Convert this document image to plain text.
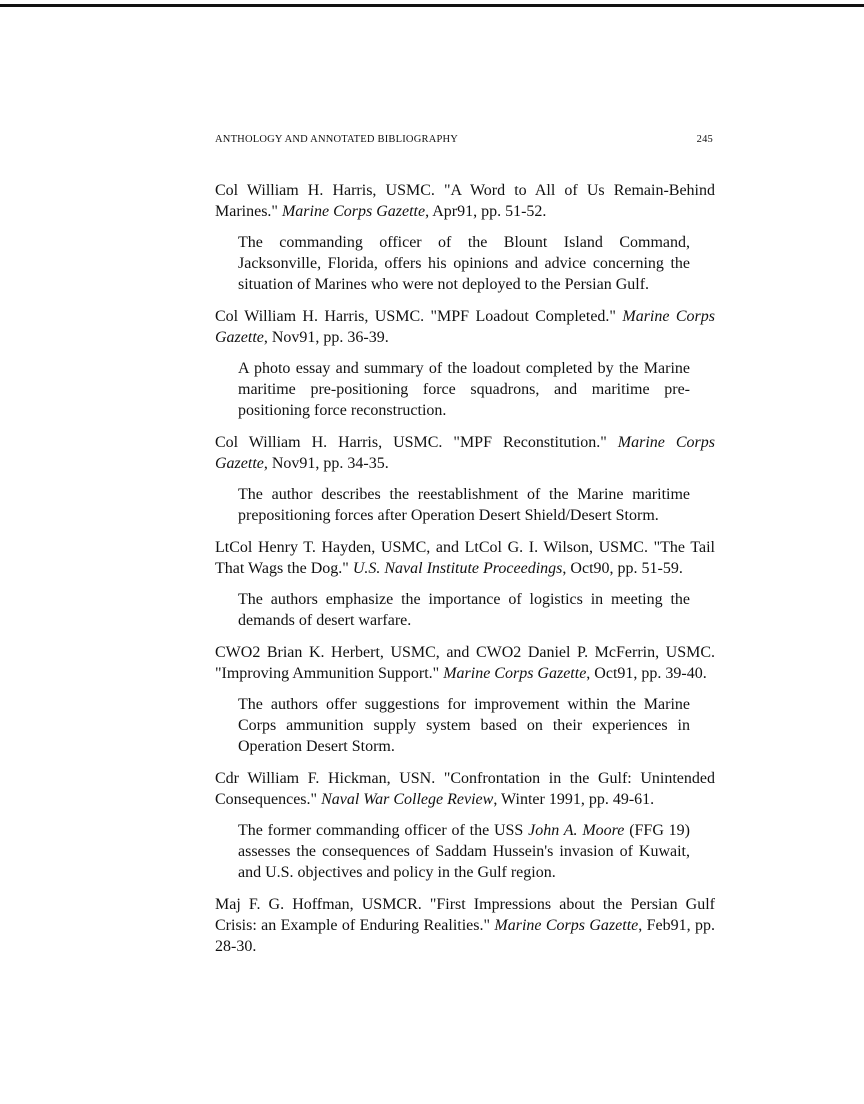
ANTHOLOGY AND ANNOTATED BIBLIOGRAPHY	245
Col William H. Harris, USMC. "A Word to All of Us Remain-Behind Marines." Marine Corps Gazette, Apr91, pp. 51-52.
The commanding officer of the Blount Island Command, Jacksonville, Florida, offers his opinions and advice concerning the situation of Marines who were not deployed to the Persian Gulf.
Col William H. Harris, USMC. "MPF Loadout Completed." Marine Corps Gazette, Nov91, pp. 36-39.
A photo essay and summary of the loadout completed by the Marine maritime pre-positioning force squadrons, and maritime pre-positioning force reconstruction.
Col William H. Harris, USMC. "MPF Reconstitution." Marine Corps Gazette, Nov91, pp. 34-35.
The author describes the reestablishment of the Marine maritime prepositioning forces after Operation Desert Shield/Desert Storm.
LtCol Henry T. Hayden, USMC, and LtCol G. I. Wilson, USMC. "The Tail That Wags the Dog." U.S. Naval Institute Proceedings, Oct90, pp. 51-59.
The authors emphasize the importance of logistics in meeting the demands of desert warfare.
CWO2 Brian K. Herbert, USMC, and CWO2 Daniel P. McFerrin, USMC. "Improving Ammunition Support." Marine Corps Gazette, Oct91, pp. 39-40.
The authors offer suggestions for improvement within the Marine Corps ammunition supply system based on their experiences in Operation Desert Storm.
Cdr William F. Hickman, USN. "Confrontation in the Gulf: Unintended Consequences." Naval War College Review, Winter 1991, pp. 49-61.
The former commanding officer of the USS John A. Moore (FFG 19) assesses the consequences of Saddam Hussein's invasion of Kuwait, and U.S. objectives and policy in the Gulf region.
Maj F. G. Hoffman, USMCR. "First Impressions about the Persian Gulf Crisis: an Example of Enduring Realities." Marine Corps Gazette, Feb91, pp. 28-30.
